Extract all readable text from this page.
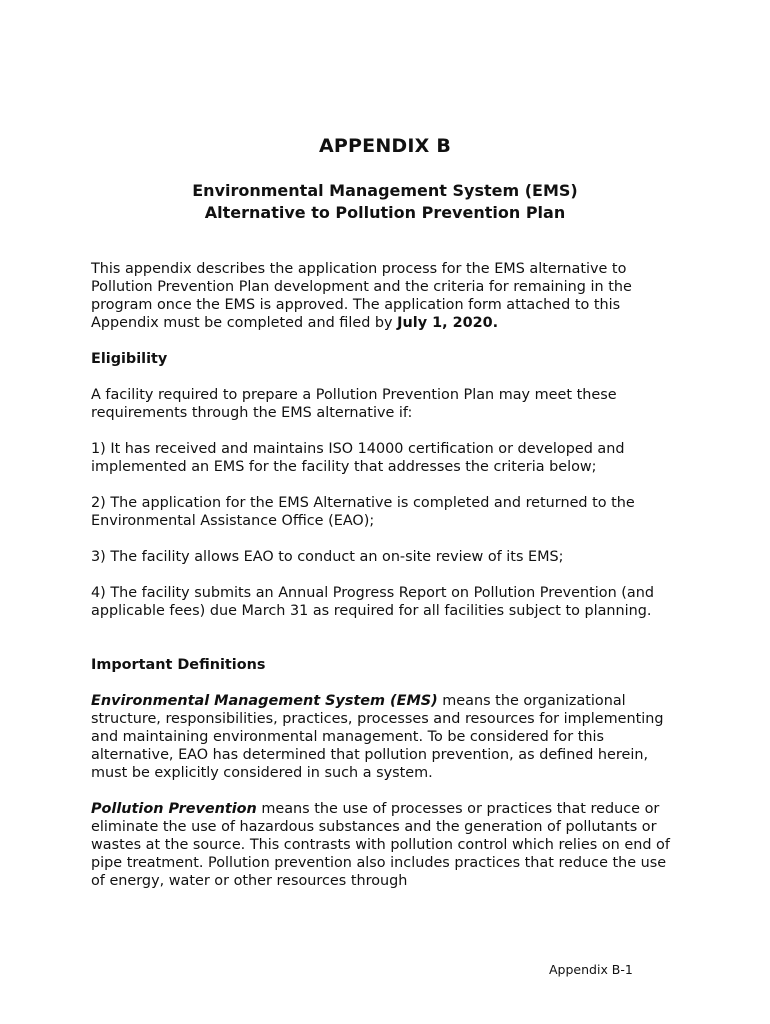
APPENDIX B
Environmental Management System (EMS)
Alternative to Pollution Prevention Plan

This appendix describes the application process for the EMS alternative to Pollution Prevention Plan development and the criteria for remaining in the program once the EMS is approved. The application form attached to this Appendix must be completed and filed by July 1, 2020.

Eligibility

A facility required to prepare a Pollution Prevention Plan may meet these requirements through the EMS alternative if:

1) It has received and maintains ISO 14000 certification or developed and implemented an EMS for the facility that addresses the criteria below;

2) The application for the EMS Alternative is completed and returned to the Environmental Assistance Office (EAO);

3) The facility allows EAO to conduct an on-site review of its EMS;

4) The facility submits an Annual Progress Report on Pollution Prevention (and applicable fees) due March 31 as required for all facilities subject to planning.

Important Definitions

Environmental Management System (EMS) means the organizational structure, responsibilities, practices, processes and resources for implementing and maintaining environmental management. To be considered for this alternative, EAO has determined that pollution prevention, as defined herein, must be explicitly considered in such a system.

Pollution Prevention means the use of processes or practices that reduce or eliminate the use of hazardous substances and the generation of pollutants or wastes at the source. This contrasts with pollution control which relies on end of pipe treatment. Pollution prevention also includes practices that reduce the use of energy, water or other resources through

Appendix B-1
